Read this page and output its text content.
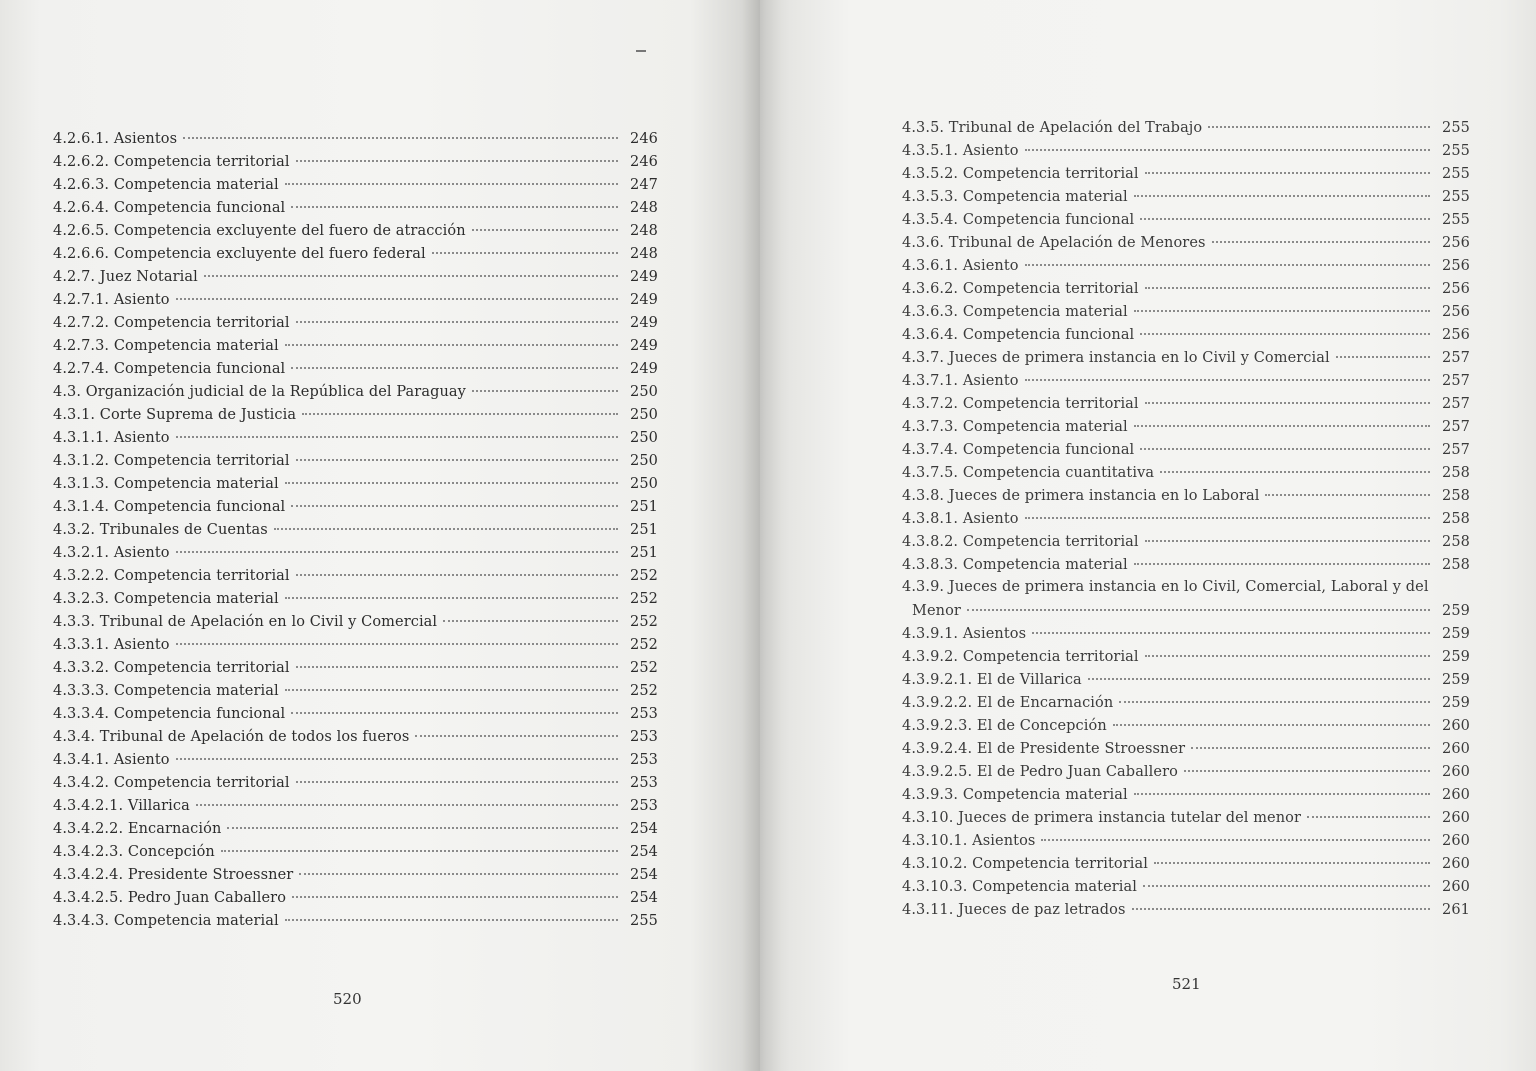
4.2.6.1. Asientos	246
4.2.6.2. Competencia territorial	246
4.2.6.3. Competencia material	247
4.2.6.4. Competencia funcional	248
4.2.6.5. Competencia excluyente del fuero de atracción	248
4.2.6.6. Competencia excluyente del fuero federal	248
4.2.7. Juez Notarial	249
4.2.7.1. Asiento	249
4.2.7.2. Competencia territorial	249
4.2.7.3. Competencia material	249
4.2.7.4. Competencia funcional	249
4.3. Organización judicial de la República del Paraguay	250
4.3.1. Corte Suprema de Justicia	250
4.3.1.1. Asiento	250
4.3.1.2. Competencia territorial	250
4.3.1.3. Competencia material	250
4.3.1.4. Competencia funcional	251
4.3.2. Tribunales de Cuentas	251
4.3.2.1. Asiento	251
4.3.2.2. Competencia territorial	252
4.3.2.3. Competencia material	252
4.3.3. Tribunal de Apelación en lo Civil y Comercial	252
4.3.3.1. Asiento	252
4.3.3.2. Competencia territorial	252
4.3.3.3. Competencia material	252
4.3.3.4. Competencia funcional	253
4.3.4. Tribunal de Apelación de todos los fueros	253
4.3.4.1. Asiento	253
4.3.4.2. Competencia territorial	253
4.3.4.2.1. Villarica	253
4.3.4.2.2. Encarnación	254
4.3.4.2.3. Concepción	254
4.3.4.2.4. Presidente Stroessner	254
4.3.4.2.5. Pedro Juan Caballero	254
4.3.4.3. Competencia material	255
520
4.3.5. Tribunal de Apelación del Trabajo	255
4.3.5.1. Asiento	255
4.3.5.2. Competencia territorial	255
4.3.5.3. Competencia material	255
4.3.5.4. Competencia funcional	255
4.3.6. Tribunal de Apelación de Menores	256
4.3.6.1. Asiento	256
4.3.6.2. Competencia territorial	256
4.3.6.3. Competencia material	256
4.3.6.4. Competencia funcional	256
4.3.7. Jueces de primera instancia en lo Civil y Comercial	257
4.3.7.1. Asiento	257
4.3.7.2. Competencia territorial	257
4.3.7.3. Competencia material	257
4.3.7.4. Competencia funcional	257
4.3.7.5. Competencia cuantitativa	258
4.3.8. Jueces de primera instancia en lo Laboral	258
4.3.8.1. Asiento	258
4.3.8.2. Competencia territorial	258
4.3.8.3. Competencia material	258
4.3.9. Jueces de primera instancia en lo Civil, Comercial, Laboral y del
Menor	259
4.3.9.1. Asientos	259
4.3.9.2. Competencia territorial	259
4.3.9.2.1. El de Villarica	259
4.3.9.2.2. El de Encarnación	259
4.3.9.2.3. El de Concepción	260
4.3.9.2.4. El de Presidente Stroessner	260
4.3.9.2.5. El de Pedro Juan Caballero	260
4.3.9.3. Competencia material	260
4.3.10. Jueces de primera instancia tutelar del menor	260
4.3.10.1. Asientos	260
4.3.10.2. Competencia territorial	260
4.3.10.3. Competencia material	260
4.3.11. Jueces de paz letrados	261
521
